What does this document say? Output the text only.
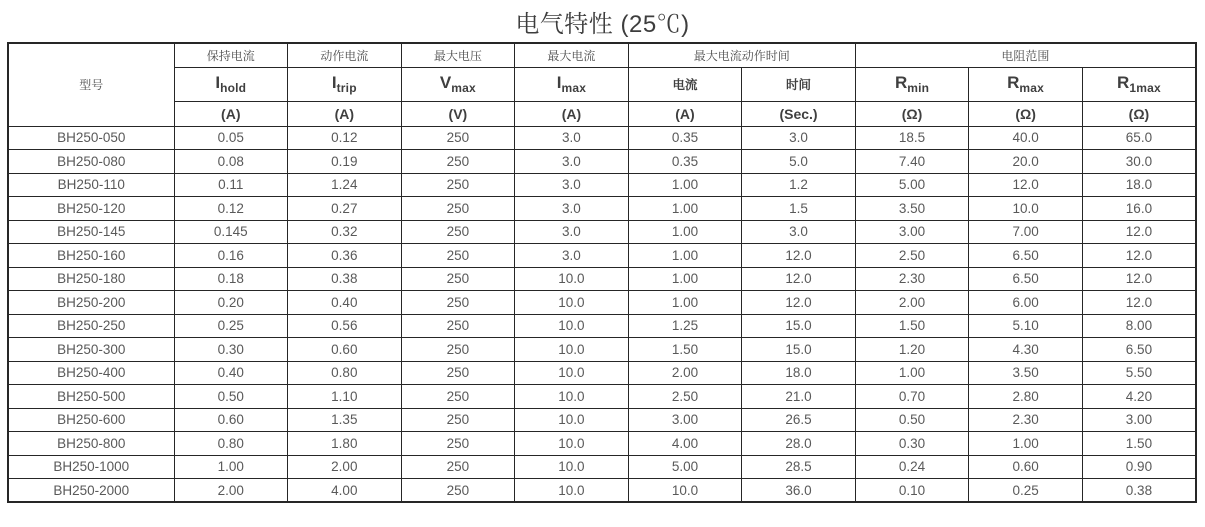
电气特性 (25℃)
型号	保持电流	动作电流	最大电压	最大电流	最大电流动作时间		电阻范围		
	$I_{hold}$	$I_{trip}$	$V_{max}$	$I_{max}$	电流	时间	$R_{min}$	$R_{max}$	$R_{1max}$
	(A)	(A)	(V)	(A)	(A)	(Sec.)	(Ω)	(Ω)	(Ω)
BH250-050	0.05	0.12	250	3.0	0.35	3.0	18.5	40.0	65.0
BH250-080	0.08	0.19	250	3.0	0.35	5.0	7.40	20.0	30.0
BH250-110	0.11	1.24	250	3.0	1.00	1.2	5.00	12.0	18.0
BH250-120	0.12	0.27	250	3.0	1.00	1.5	3.50	10.0	16.0
BH250-145	0.145	0.32	250	3.0	1.00	3.0	3.00	7.00	12.0
BH250-160	0.16	0.36	250	3.0	1.00	12.0	2.50	6.50	12.0
BH250-180	0.18	0.38	250	10.0	1.00	12.0	2.30	6.50	12.0
BH250-200	0.20	0.40	250	10.0	1.00	12.0	2.00	6.00	12.0
BH250-250	0.25	0.56	250	10.0	1.25	15.0	1.50	5.10	8.00
BH250-300	0.30	0.60	250	10.0	1.50	15.0	1.20	4.30	6.50
BH250-400	0.40	0.80	250	10.0	2.00	18.0	1.00	3.50	5.50
BH250-500	0.50	1.10	250	10.0	2.50	21.0	0.70	2.80	4.20
BH250-600	0.60	1.35	250	10.0	3.00	26.5	0.50	2.30	3.00
BH250-800	0.80	1.80	250	10.0	4.00	28.0	0.30	1.00	1.50
BH250-1000	1.00	2.00	250	10.0	5.00	28.5	0.24	0.60	0.90
BH250-2000	2.00	4.00	250	10.0	10.0	36.0	0.10	0.25	0.38
